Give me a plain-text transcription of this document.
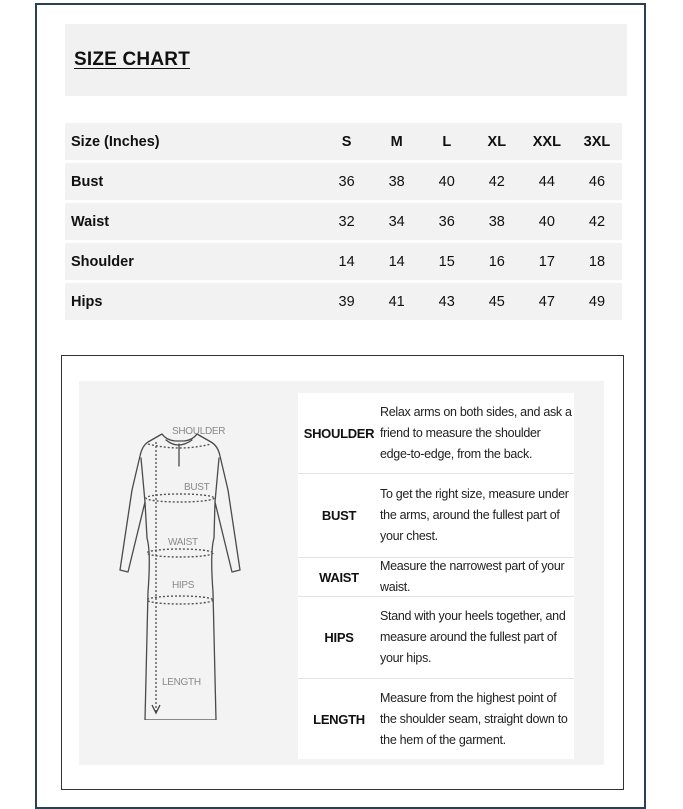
SIZE CHART
Size (Inches)	S	M	L	XL	XXL	3XL
Bust	36	38	40	42	44	46
Waist	32	34	36	38	40	42
Shoulder	14	14	15	16	17	18
Hips	39	41	43	45	47	49
SHOULDER
BUST
WAIST
HIPS
LENGTH
SHOULDER
Relax arms on both sides, and ask a friend to measure the shoulder edge-to-edge, from the back.
BUST
To get the right size, measure under the arms, around the fullest part of your chest.
WAIST
Measure the narrowest part of your waist.
HIPS
Stand with your heels together, and measure around the fullest part of your hips.
LENGTH
Measure from the highest point of the shoulder seam, straight down to the hem of the garment.
